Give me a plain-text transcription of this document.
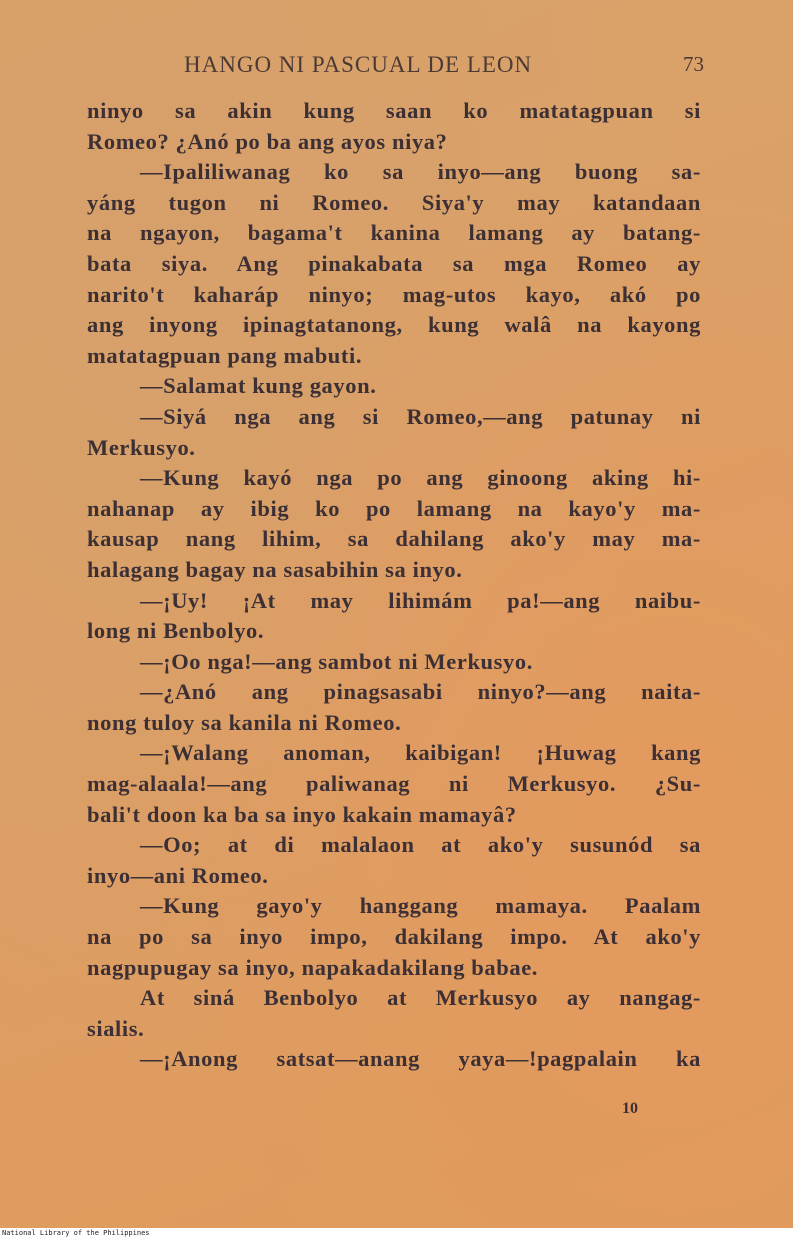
HANGO NI PASCUAL DE LEON	73
ninyo sa akin kung saan ko matatagpuan si
Romeo? ¿Anó po ba ang ayos niya?
—Ipaliliwanag ko sa inyo—ang buong sa-
yáng tugon ni Romeo. Siya'y may katandaan
na ngayon, bagama't kanina lamang ay batang-
bata siya. Ang pinakabata sa mga Romeo ay
narito't kaharáp ninyo; mag-utos kayo, akó po
ang inyong ipinagtatanong, kung walâ na kayong
matatagpuan pang mabuti.
—Salamat kung gayon.
—Siyá nga ang si Romeo,—ang patunay ni
Merkusyo.
—Kung kayó nga po ang ginoong aking hi-
nahanap ay ibig ko po lamang na kayo'y ma-
kausap nang lihim, sa dahilang ako'y may ma-
halagang bagay na sasabihin sa inyo.
—¡Uy! ¡At may lihimám pa!—ang naibu-
long ni Benbolyo.
—¡Oo nga!—ang sambot ni Merkusyo.
—¿Anó ang pinagsasabi ninyo?—ang naita-
nong tuloy sa kanila ni Romeo.
—¡Walang anoman, kaibigan! ¡Huwag kang
mag-alaala!—ang paliwanag ni Merkusyo. ¿Su-
bali't doon ka ba sa inyo kakain mamayâ?
—Oo; at di malalaon at ako'y susunód sa
inyo—ani Romeo.
—Kung gayo'y hanggang mamaya. Paalam
na po sa inyo impo, dakilang impo. At ako'y
nagpupugay sa inyo, napakadakilang babae.
At siná Benbolyo at Merkusyo ay nangag-
sialis.
—¡Anong satsat—anang yaya—!pagpalain ka
10
National Library of the Philippines
